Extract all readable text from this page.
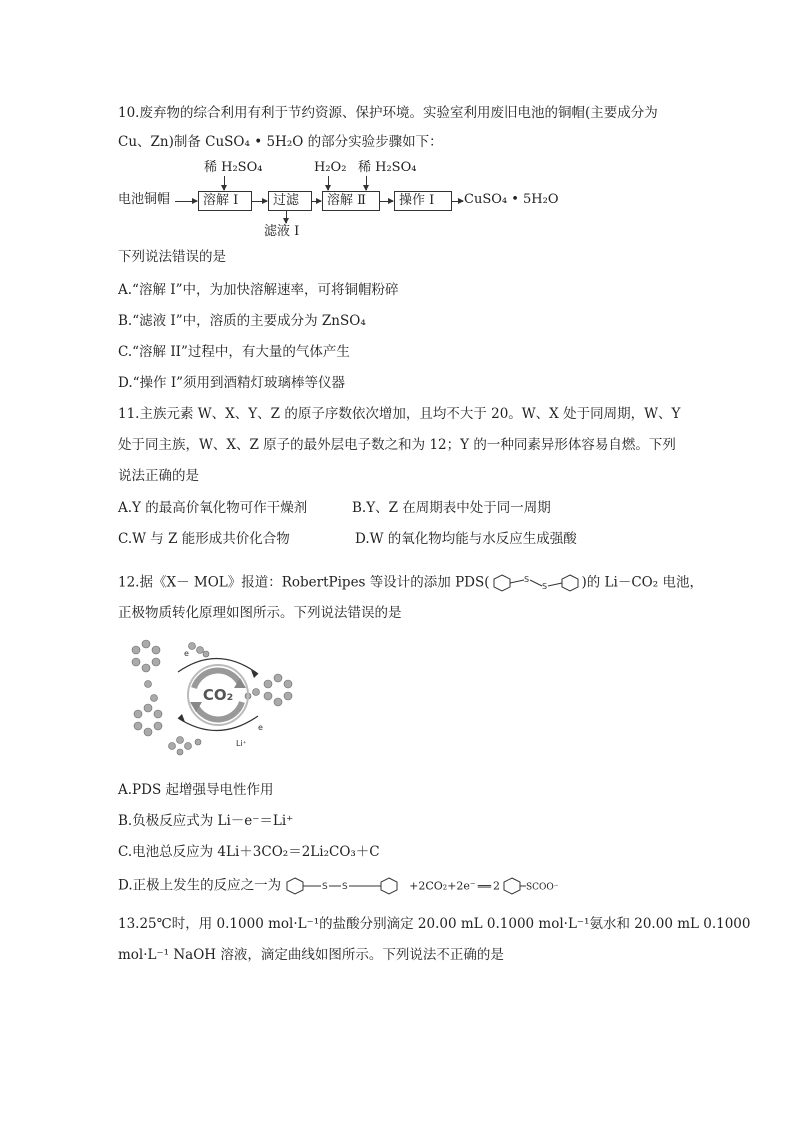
10.废弃物的综合利用有利于节约资源、保护环境。实验室利用废旧电池的铜帽(主要成分为
Cu、Zn)制备 CuSO₄ • 5H₂O 的部分实验步骤如下：
稀 H₂SO₄	H₂O₂ 稀 H₂SO₄
电池铜帽	溶解 Ⅰ	过滤	溶解 Ⅱ	操作 Ⅰ	CuSO₄ • 5H₂O
滤液 Ⅰ
下列说法错误的是
A.“溶解 I”中，为加快溶解速率，可将铜帽粉碎
B.“滤液 I”中，溶质的主要成分为 ZnSO₄
C.“溶解 II”过程中，有大量的气体产生
D.“操作 I”须用到酒精灯玻璃棒等仪器
11.主族元素 W、X、Y、Z 的原子序数依次增加，且均不大于 20。W、X 处于同周期，W、Y
处于同主族，W、X、Z 原子的最外层电子数之和为 12；Y 的一种同素异形体容易自燃。下列
说法正确的是
A.Y 的最高价氧化物可作干燥剂	B.Y、Z 在周期表中处于同一周期
C.W 与 Z 能形成共价化合物	D.W 的氧化物均能与水反应生成强酸
12.据《X－ MOL》报道：RobertPipes 等设计的添加 PDS(	S
S	)的 Li－CO₂ 电池，
正极物质转化原理如图所示。下列说法错误的是
CO₂
e
e
Li⁺
A.PDS 起增强导电性作用
B.负极反应式为 Li－e⁻＝Li⁺
C.电池总反应为 4Li＋3CO₂＝2Li₂CO₃＋C
D.正极上发生的反应之一为	S S	+2CO₂+2e⁻ ══ 2	SCOO⁻
13.25℃时，用 0.1000 mol·L⁻¹的盐酸分别滴定 20.00 mL 0.1000 mol·L⁻¹氨水和 20.00 mL 0.1000
mol·L⁻¹ NaOH 溶液，滴定曲线如图所示。下列说法不正确的是
